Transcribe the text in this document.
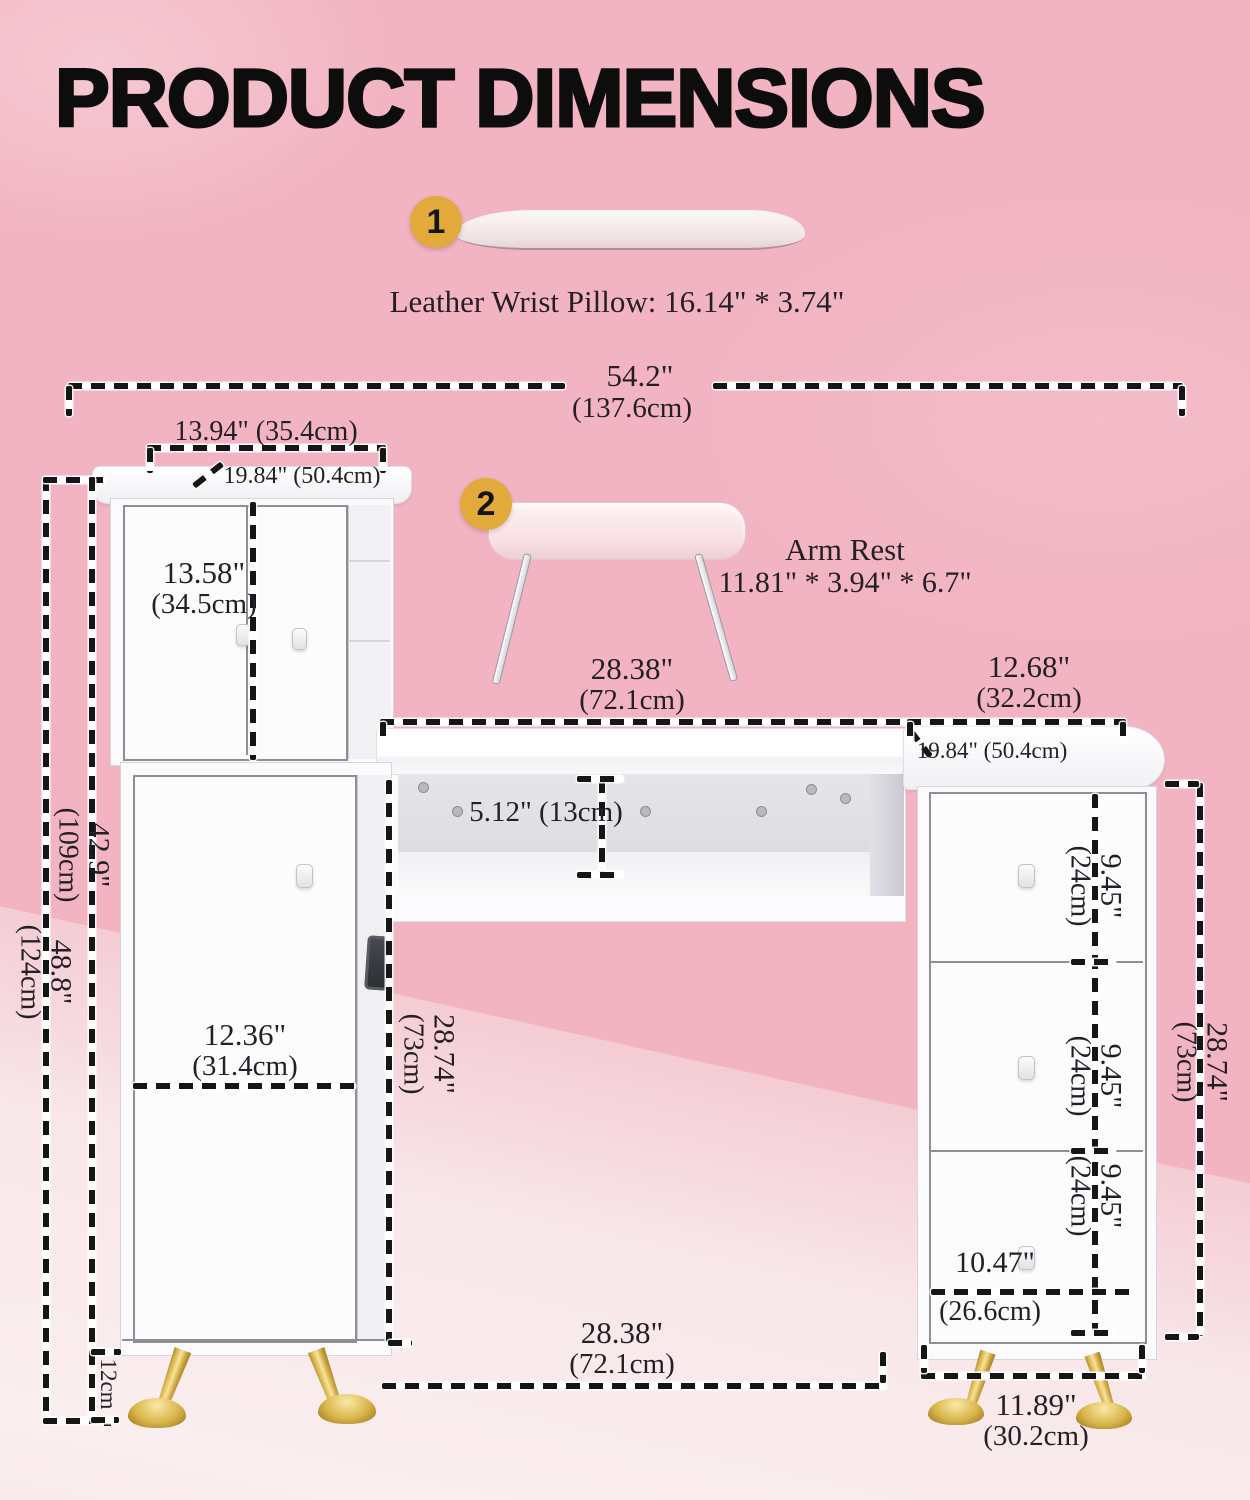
PRODUCT DIMENSIONS
1
Leather Wrist Pillow: 16.14" * 3.74"
54.2"
(137.6cm)
13.94" (35.4cm)
19.84" (50.4cm)
13.58"
(34.5cm)
48.8"
(124cm)
42.9"
(109cm)
12cm
2
Arm Rest
11.81" * 3.94" * 6.7"
28.38"
(72.1cm)
19.84" (50.4cm)
12.68"
(32.2cm)
5.12" (13cm)
12.36"
(31.4cm)	28.74"
(73cm)
28.38"
(72.1cm)
9.45"
(24cm)
9.45"
(24cm)
9.45"
(24cm)
10.47"
(26.6cm)
28.74"
(73cm)
11.89"
(30.2cm)
